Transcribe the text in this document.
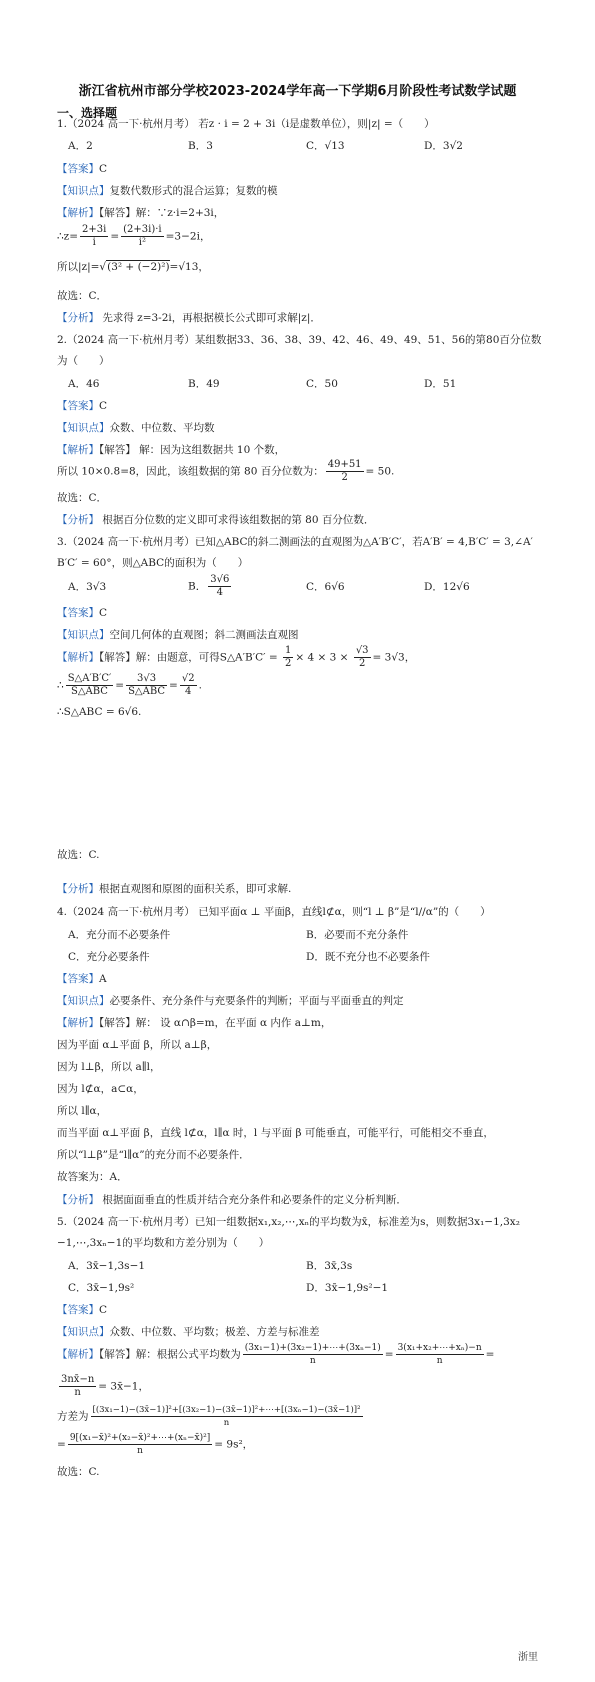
浙江省杭州市部分学校2023-2024学年高一下学期6月阶段性考试数学试题
一、选择题
1.（2024 高一下·杭州月考） 若z · i = 2 + 3i（i是虚数单位），则|z| =（　　）
A．2	B．3	C．√13	D．3√2
【答案】C
【知识点】复数代数形式的混合运算；复数的模
【解析】【解答】解：∵z·i=2+3i，
∴z= $\frac{2+3i}{i} = \frac{(2+3i)\cdot i}{\text{i²}} =3-2i$，
所以|z|=√(3² + (−2)²)=√13，
故选：C．
【分析】 先求得 z=3-2i，再根据模长公式即可求解|z|．
2.（2024 高一下·杭州月考）某组数据33、36、38、39、42、46、49、49、51、56的第80百分位数
为（　　）
A．46	B．49	C．50	D．51
【答案】C
【知识点】众数、中位数、平均数
【解析】【解答】 解：因为这组数据共 10 个数，
所以 10×0.8=8，因此，该组数据的第 80 百分位数为： $\frac{49+51}{2} = 50$.
故选：C．
【分析】 根据百分位数的定义即可求得该组数据的第 80 百分位数．
3.（2024 高一下·杭州月考）已知△ABC的斜二测画法的直观图为△A′B′C′，若A′B′ = 4,B′C′ = 3,∠A′
B′C′ = 60°，则△ABC的面积为（　　）
A．3√3	B． $\frac{3√6}{4}$	C．6√6	D．12√6
【答案】C
【知识点】空间几何体的直观图；斜二测画法直观图
【解析】【解答】解：由题意，可得S△A′B′C′ = $\frac{1}{2} \times 4 \times 3 \times \frac{√3}{2} = 3√3$，
∴ $\frac{S\triangle A'B'C'}{\text{S△ABC}} = \frac{3√3}{\text{S△ABC}} = \frac{√2}{4}$ .
∴S△ABC = 6√6.
故选：C.
【分析】根据直观图和原图的面积关系，即可求解.
4.（2024 高一下·杭州月考） 已知平面α ⊥ 平面β，直线l⊄α，则“l ⊥ β”是“l//α”的（　　）
A．充分而不必要条件	B．必要而不充分条件
C．充分必要条件	D．既不充分也不必要条件
【答案】A
【知识点】必要条件、充分条件与充要条件的判断；平面与平面垂直的判定
【解析】【解答】解： 设 α∩β=m，在平面 α 内作 a⊥m，
因为平面 α⊥平面 β，所以 a⊥β，
因为 l⊥β，所以 a∥l，
因为 l⊄α，a⊂α，
所以 l∥α，
而当平面 α⊥平面 β，直线 l⊄α，l∥α 时，l 与平面 β 可能垂直，可能平行，可能相交不垂直，
所以“l⊥β”是“l∥α”的充分而不必要条件．
故答案为：A．
【分析】 根据面面垂直的性质并结合充分条件和必要条件的定义分析判断．
5.（2024 高一下·杭州月考）已知一组数据x₁,x₂,⋯,xₙ的平均数为x̄，标准差为s，则数据3x₁−1,3x₂
−1,⋯,3xₙ−1的平均数和方差分别为（　　）
A．3x̄−1,3s−1	B．3x̄,3s
C．3x̄−1,9s²	D．3x̄−1,9s²−1
【答案】C
【知识点】众数、中位数、平均数；极差、方差与标准差
【解析】【解答】解：根据公式平均数为 $\frac{\text{(3x₁−1)+(3x₂−1)+⋯+(3xₙ−1)}}{n} = \frac{\text{3(x₁+x₂+⋯+xₙ)−n}}{n}$ =
$\frac{3nx̄-n}{n}$ = 3x̄−1，
方差为 $\frac{\text{[(3x₁−1)−(3x̄−1)]²+[(3x₂−1)−(3x̄−1)]²+⋯+[(3xₙ−1)−(3x̄−1)]²}}{n}$
= $\frac{\text{9[(x₁−x̄)²+(x₂−x̄)²+⋯+(xₙ−x̄)²]}}{n} = 9s^2$，
故选：C.
浙里
